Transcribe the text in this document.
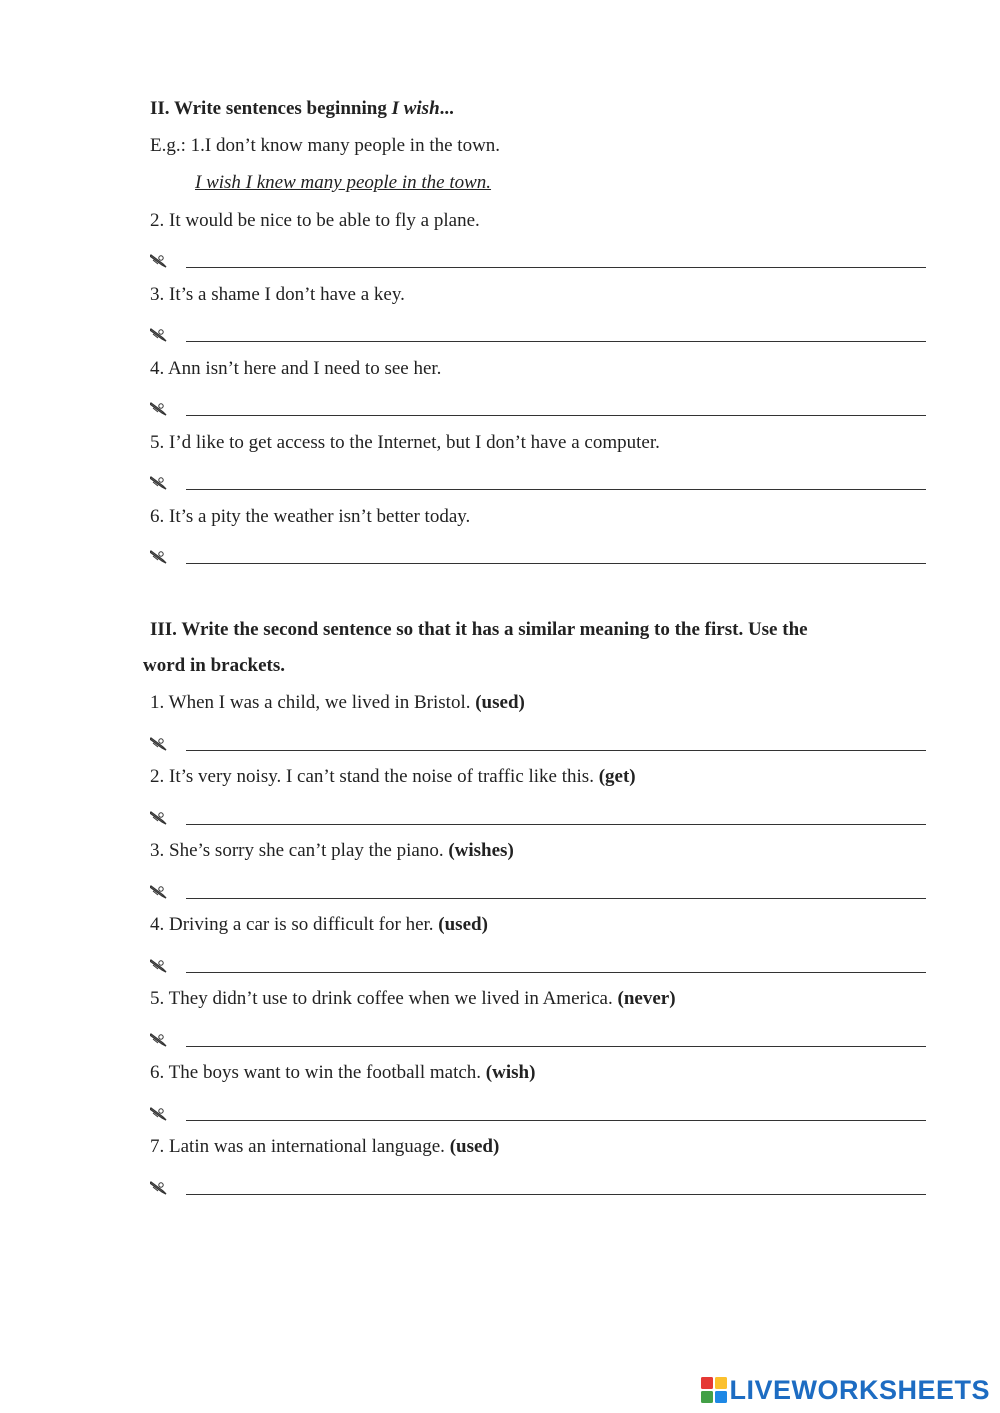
II. Write sentences beginning I wish...
E.g.: 1.I don’t know many people in the town.
I wish I knew many people in the town.
2. It would be nice to be able to fly a plane.
3. It’s a shame I don’t have a key.
4. Ann isn’t here and I need to see her.
5. I’d like to get access to the Internet, but I don’t have a computer.
6. It’s a pity the weather isn’t better today.
III. Write the second sentence so that it has a similar meaning to the first. Use the
word in brackets.
1. When I was a child, we lived in Bristol. (used)
2. It’s very noisy. I can’t stand the noise of traffic like this. (get)
3. She’s sorry she can’t play the piano. (wishes)
4. Driving a car is so difficult for her. (used)
5. They didn’t use to drink coffee when we lived in America. (never)
6. The boys want to win the football match. (wish)
7. Latin was an international language. (used)
LIVEWORKSHEETS
